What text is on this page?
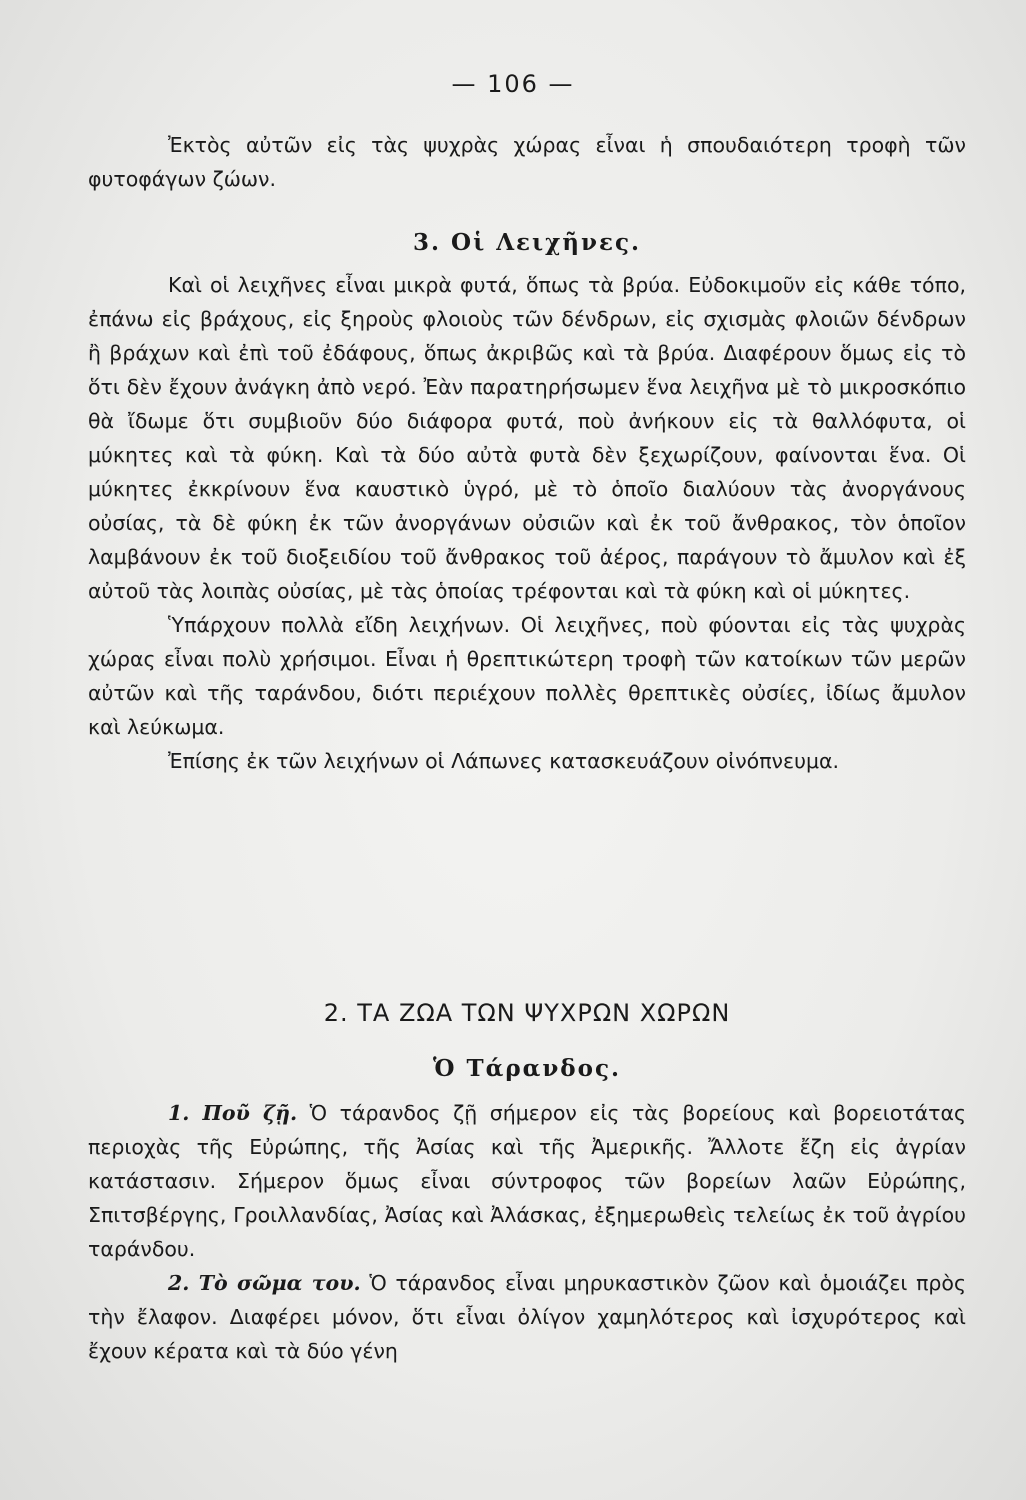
— 106 —

Ἐκτὸς αὐτῶν εἰς τὰς ψυχρὰς χώρας εἶναι ἡ σπουδαιότερη τροφὴ τῶν φυτοφάγων ζώων.

3. Οἱ Λειχῆνες.

Καὶ οἱ λειχῆνες εἶναι μικρὰ φυτά, ὅπως τὰ βρύα. Εὐδοκιμοῦν εἰς κάθε τόπο, ἐπάνω εἰς βράχους, εἰς ξηροὺς φλοιοὺς τῶν δένδρων, εἰς σχισμὰς φλοιῶν δένδρων ἢ βράχων καὶ ἐπὶ τοῦ ἐδάφους, ὅπως ἀκριβῶς καὶ τὰ βρύα. Διαφέρουν ὅμως εἰς τὸ ὅτι δὲν ἔχουν ἀνάγκη ἀπὸ νερό. Ἐὰν παρατηρήσωμεν ἕνα λειχῆνα μὲ τὸ μικροσκόπιο θὰ ἴδωμε ὅτι συμβιοῦν δύο διάφορα φυτά, ποὺ ἀνήκουν εἰς τὰ θαλλόφυτα, οἱ μύκητες καὶ τὰ φύκη. Καὶ τὰ δύο αὐτὰ φυτὰ δὲν ξεχωρίζουν, φαίνονται ἕνα. Οἱ μύκητες ἐκκρίνουν ἕνα καυστικὸ ὑγρό, μὲ τὸ ὁποῖο διαλύουν τὰς ἀνοργάνους οὐσίας, τὰ δὲ φύκη ἐκ τῶν ἀνοργάνων οὐσιῶν καὶ ἐκ τοῦ ἄνθρακος, τὸν ὁποῖον λαμβάνουν ἐκ τοῦ διοξειδίου τοῦ ἄνθρακος τοῦ ἀέρος, παράγουν τὸ ἄμυλον καὶ ἐξ αὐτοῦ τὰς λοιπὰς οὐσίας, μὲ τὰς ὁποίας τρέφονται καὶ τὰ φύκη καὶ οἱ μύκητες.

Ὑπάρχουν πολλὰ εἴδη λειχήνων. Οἱ λειχῆνες, ποὺ φύονται εἰς τὰς ψυχρὰς χώρας εἶναι πολὺ χρήσιμοι. Εἶναι ἡ θρεπτικώτερη τροφὴ τῶν κατοίκων τῶν μερῶν αὐτῶν καὶ τῆς ταράνδου, διότι περιέχουν πολλὲς θρεπτικὲς οὐσίες, ἰδίως ἄμυλον καὶ λεύκωμα.

Ἐπίσης ἐκ τῶν λειχήνων οἱ Λάπωνες κατασκευάζουν οἰνόπνευμα.

2. ΤΑ ΖΩΑ ΤΩΝ ΨΥΧΡΩΝ ΧΩΡΩΝ

Ὁ Τάρανδος.

1. Ποῦ ζῇ. Ὁ τάρανδος ζῇ σήμερον εἰς τὰς βορείους καὶ βορειοτάτας περιοχὰς τῆς Εὐρώπης, τῆς Ἀσίας καὶ τῆς Ἀμερικῆς. Ἄλλοτε ἔζη εἰς ἀγρίαν κατάστασιν. Σήμερον ὅμως εἶναι σύντροφος τῶν βορείων λαῶν Εὐρώπης, Σπιτσβέργης, Γροιλλανδίας, Ἀσίας καὶ Ἀλάσκας, ἐξημερωθεὶς τελείως ἐκ τοῦ ἀγρίου ταράνδου.

2. Τὸ σῶμα του. Ὁ τάρανδος εἶναι μηρυκαστικὸν ζῶον καὶ ὁμοιάζει πρὸς τὴν ἔλαφον. Διαφέρει μόνον, ὅτι εἶναι ὀλίγον χαμηλότερος καὶ ἰσχυρότερος καὶ ἔχουν κέρατα καὶ τὰ δύο γένη
